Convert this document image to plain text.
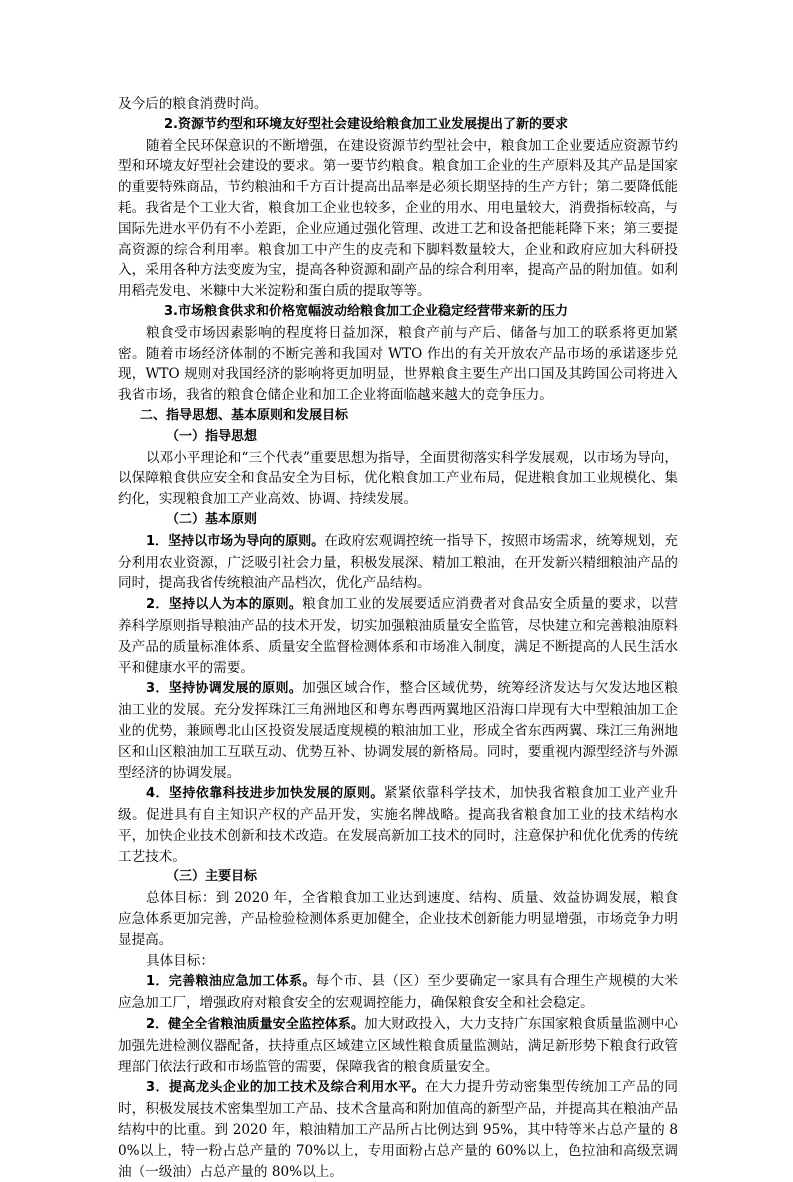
及今后的粮食消费时尚。

2.资源节约型和环境友好型社会建设给粮食加工业发展提出了新的要求

随着全民环保意识的不断增强，在建设资源节约型社会中，粮食加工企业要适应资源节约型和环境友好型社会建设的要求。第一要节约粮食。粮食加工企业的生产原料及其产品是国家的重要特殊商品，节约粮油和千方百计提高出品率是必须长期坚持的生产方针；第二要降低能耗。我省是个工业大省，粮食加工企业也较多，企业的用水、用电量较大，消费指标较高，与国际先进水平仍有不小差距，企业应通过强化管理、改进工艺和设备把能耗降下来；第三要提高资源的综合利用率。粮食加工中产生的皮壳和下脚料数量较大，企业和政府应加大科研投入，采用各种方法变废为宝，提高各种资源和副产品的综合利用率，提高产品的附加值。如利用稻壳发电、米糠中大米淀粉和蛋白质的提取等等。

3.市场粮食供求和价格宽幅波动给粮食加工企业稳定经营带来新的压力

粮食受市场因素影响的程度将日益加深，粮食产前与产后、储备与加工的联系将更加紧密。随着市场经济体制的不断完善和我国对 WTO 作出的有关开放农产品市场的承诺逐步兑现，WTO 规则对我国经济的影响将更加明显，世界粮食主要生产出口国及其跨国公司将进入我省市场，我省的粮食仓储企业和加工企业将面临越来越大的竞争压力。

二、指导思想、基本原则和发展目标

（一）指导思想

以邓小平理论和“三个代表”重要思想为指导，全面贯彻落实科学发展观，以市场为导向，以保障粮食供应安全和食品安全为目标，优化粮食加工产业布局，促进粮食加工业规模化、集约化，实现粮食加工产业高效、协调、持续发展。

（二）基本原则

1．坚持以市场为导向的原则。在政府宏观调控统一指导下，按照市场需求，统筹规划，充分利用农业资源，广泛吸引社会力量，积极发展深、精加工粮油，在开发新兴精细粮油产品的同时，提高我省传统粮油产品档次，优化产品结构。

2．坚持以人为本的原则。粮食加工业的发展要适应消费者对食品安全质量的要求，以营养科学原则指导粮油产品的技术开发，切实加强粮油质量安全监管，尽快建立和完善粮油原料及产品的质量标准体系、质量安全监督检测体系和市场准入制度，满足不断提高的人民生活水平和健康水平的需要。

3．坚持协调发展的原则。加强区域合作，整合区域优势，统筹经济发达与欠发达地区粮油工业的发展。充分发挥珠江三角洲地区和粤东粤西两翼地区沿海口岸现有大中型粮油加工企业的优势，兼顾粤北山区投资发展适度规模的粮油加工业，形成全省东西两翼、珠江三角洲地区和山区粮油加工互联互动、优势互补、协调发展的新格局。同时，要重视内源型经济与外源型经济的协调发展。

4．坚持依靠科技进步加快发展的原则。紧紧依靠科学技术，加快我省粮食加工业产业升级。促进具有自主知识产权的产品开发，实施名牌战略。提高我省粮食加工业的技术结构水平，加快企业技术创新和技术改造。在发展高新加工技术的同时，注意保护和优化优秀的传统工艺技术。

（三）主要目标

总体目标：到 2020 年，全省粮食加工业达到速度、结构、质量、效益协调发展，粮食应急体系更加完善，产品检验检测体系更加健全，企业技术创新能力明显增强，市场竞争力明显提高。

具体目标：

1．完善粮油应急加工体系。每个市、县（区）至少要确定一家具有合理生产规模的大米应急加工厂，增强政府对粮食安全的宏观调控能力，确保粮食安全和社会稳定。

2．健全全省粮油质量安全监控体系。加大财政投入，大力支持广东国家粮食质量监测中心加强先进检测仪器配备，扶持重点区域建立区域性粮食质量监测站，满足新形势下粮食行政管理部门依法行政和市场监管的需要，保障我省的粮食质量安全。

3．提高龙头企业的加工技术及综合利用水平。在大力提升劳动密集型传统加工产品的同时，积极发展技术密集型加工产品、技术含量高和附加值高的新型产品，并提高其在粮油产品结构中的比重。到 2020 年，粮油精加工产品所占比例达到 95%，其中特等米占总产量的 80%以上，特一粉占总产量的 70%以上，专用面粉占总产量的 60%以上，色拉油和高级烹调油（一级油）占总产量的 80%以上。
